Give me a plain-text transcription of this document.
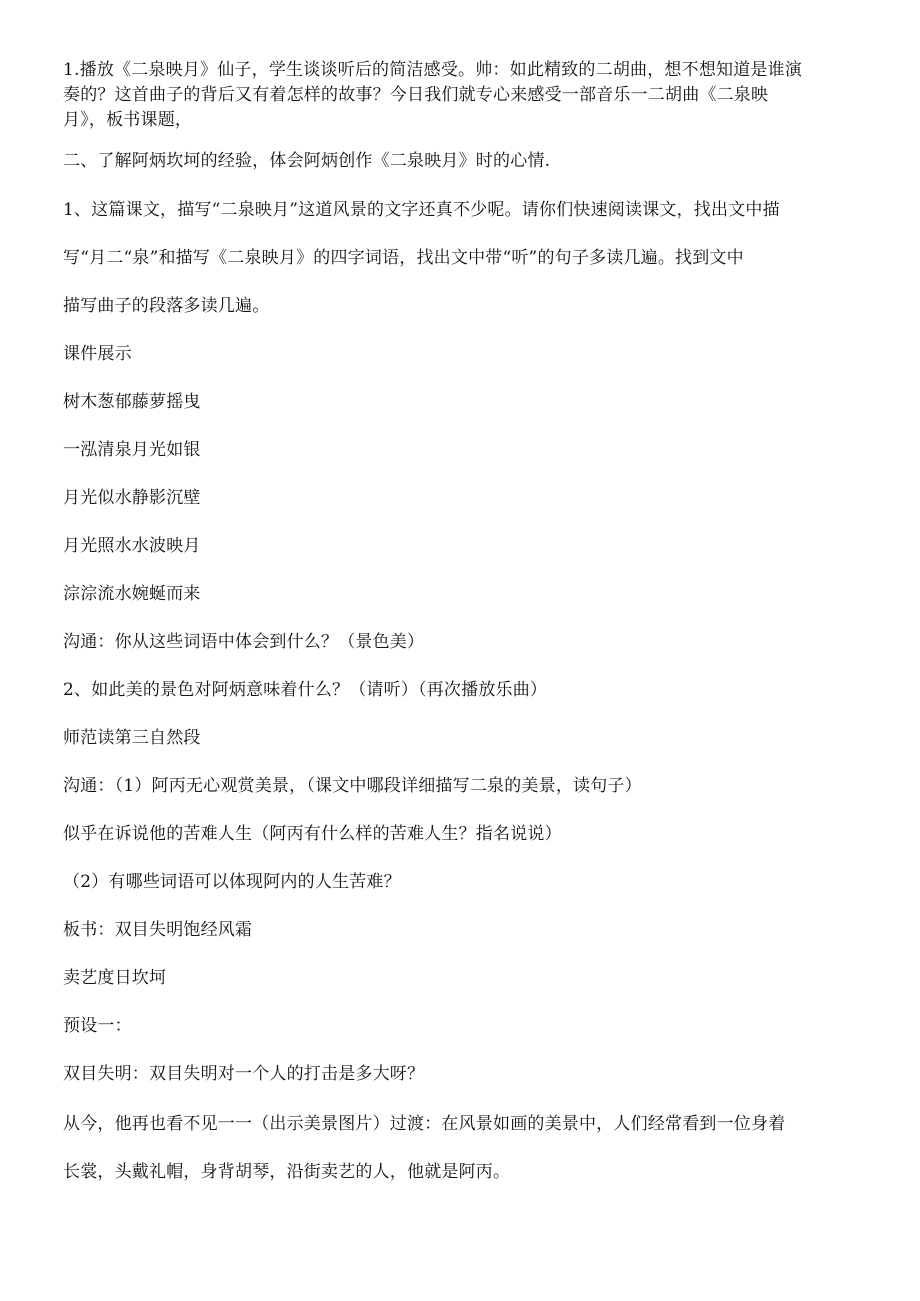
1.播放《二泉映月》仙子，学生谈谈听后的简洁感受。帅：如此精致的二胡曲，想不想知道是谁演
奏的？这首曲子的背后又有着怎样的故事？今日我们就专心来感受一部音乐一二胡曲《二泉映
月》，板书课题，
二、了解阿炳坎坷的经验，体会阿炳创作《二泉映月》时的心情.
1、这篇课文，描写“二泉映月”这道风景的文字还真不少呢。请你们快速阅读课文，找出文中描
写“月二“泉”和描写《二泉映月》的四字词语，找出文中带“听”的句子多读几遍。找到文中
描写曲子的段落多读几遍。
课件展示
树木葱郁藤萝摇曳
一泓清泉月光如银
月光似水静影沉壁
月光照水水波映月
淙淙流水婉蜒而来
沟通：你从这些词语中体会到什么？（景色美）
2、如此美的景色对阿炳意味着什么？（请听）（再次播放乐曲）
师范读第三自然段
沟通：（1）阿丙无心观赏美景，（课文中哪段详细描写二泉的美景，读句子）
似乎在诉说他的苦难人生（阿丙有什么样的苦难人生？指名说说）
（2）有哪些词语可以体现阿内的人生苦难？
板书：双目失明饱经风霜
卖艺度日坎坷
预设一：
双目失明：双目失明对一个人的打击是多大呀？
从今，他再也看不见一一（出示美景图片）过渡：在风景如画的美景中，人们经常看到一位身着
长裳，头戴礼帽，身背胡琴，沿街卖艺的人，他就是阿丙。
